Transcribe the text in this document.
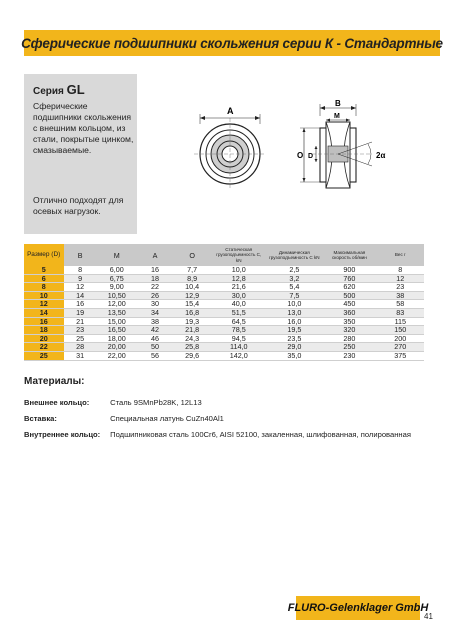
Сферические подшипники скольжения серии К - Стандартные
Серия GL
Сферические подшипники скольжения с внешним кольцом, из стали, покрытые цинком, смазываемые.
Отлично подходят для осевых нагрузок.
A
B
M
O D	2α
Размер (D)	B	M	A	O	Статическая грузоподъемность C, kN	Динамическая грузоподъемность C kN	Максимальная скорость об/мин	Вес г
5	8	6,00	16	7,7	10,0	2,5	900	8
6	9	6,75	18	8,9	12,8	3,2	760	12
8	12	9,00	22	10,4	21,6	5,4	620	23
10	14	10,50	26	12,9	30,0	7,5	500	38
12	16	12,00	30	15,4	40,0	10,0	450	58
14	19	13,50	34	16,8	51,5	13,0	360	83
16	21	15,00	38	19,3	64,5	16,0	350	115
18	23	16,50	42	21,8	78,5	19,5	320	150
20	25	18,00	46	24,3	94,5	23,5	280	200
22	28	20,00	50	25,8	114,0	29,0	250	270
25	31	22,00	56	29,6	142,0	35,0	230	375
Материалы:
Внешнее кольцо:	Сталь 9SMnPb28K, 12L13
Вставка:	Специальная латунь CuZn40Al1
Внутреннее кольцо: Подшипниковая сталь 100Cr6, AISI 52100, закаленная, шлифованная, полированная
FLURO-Gelenklager GmbH
41
